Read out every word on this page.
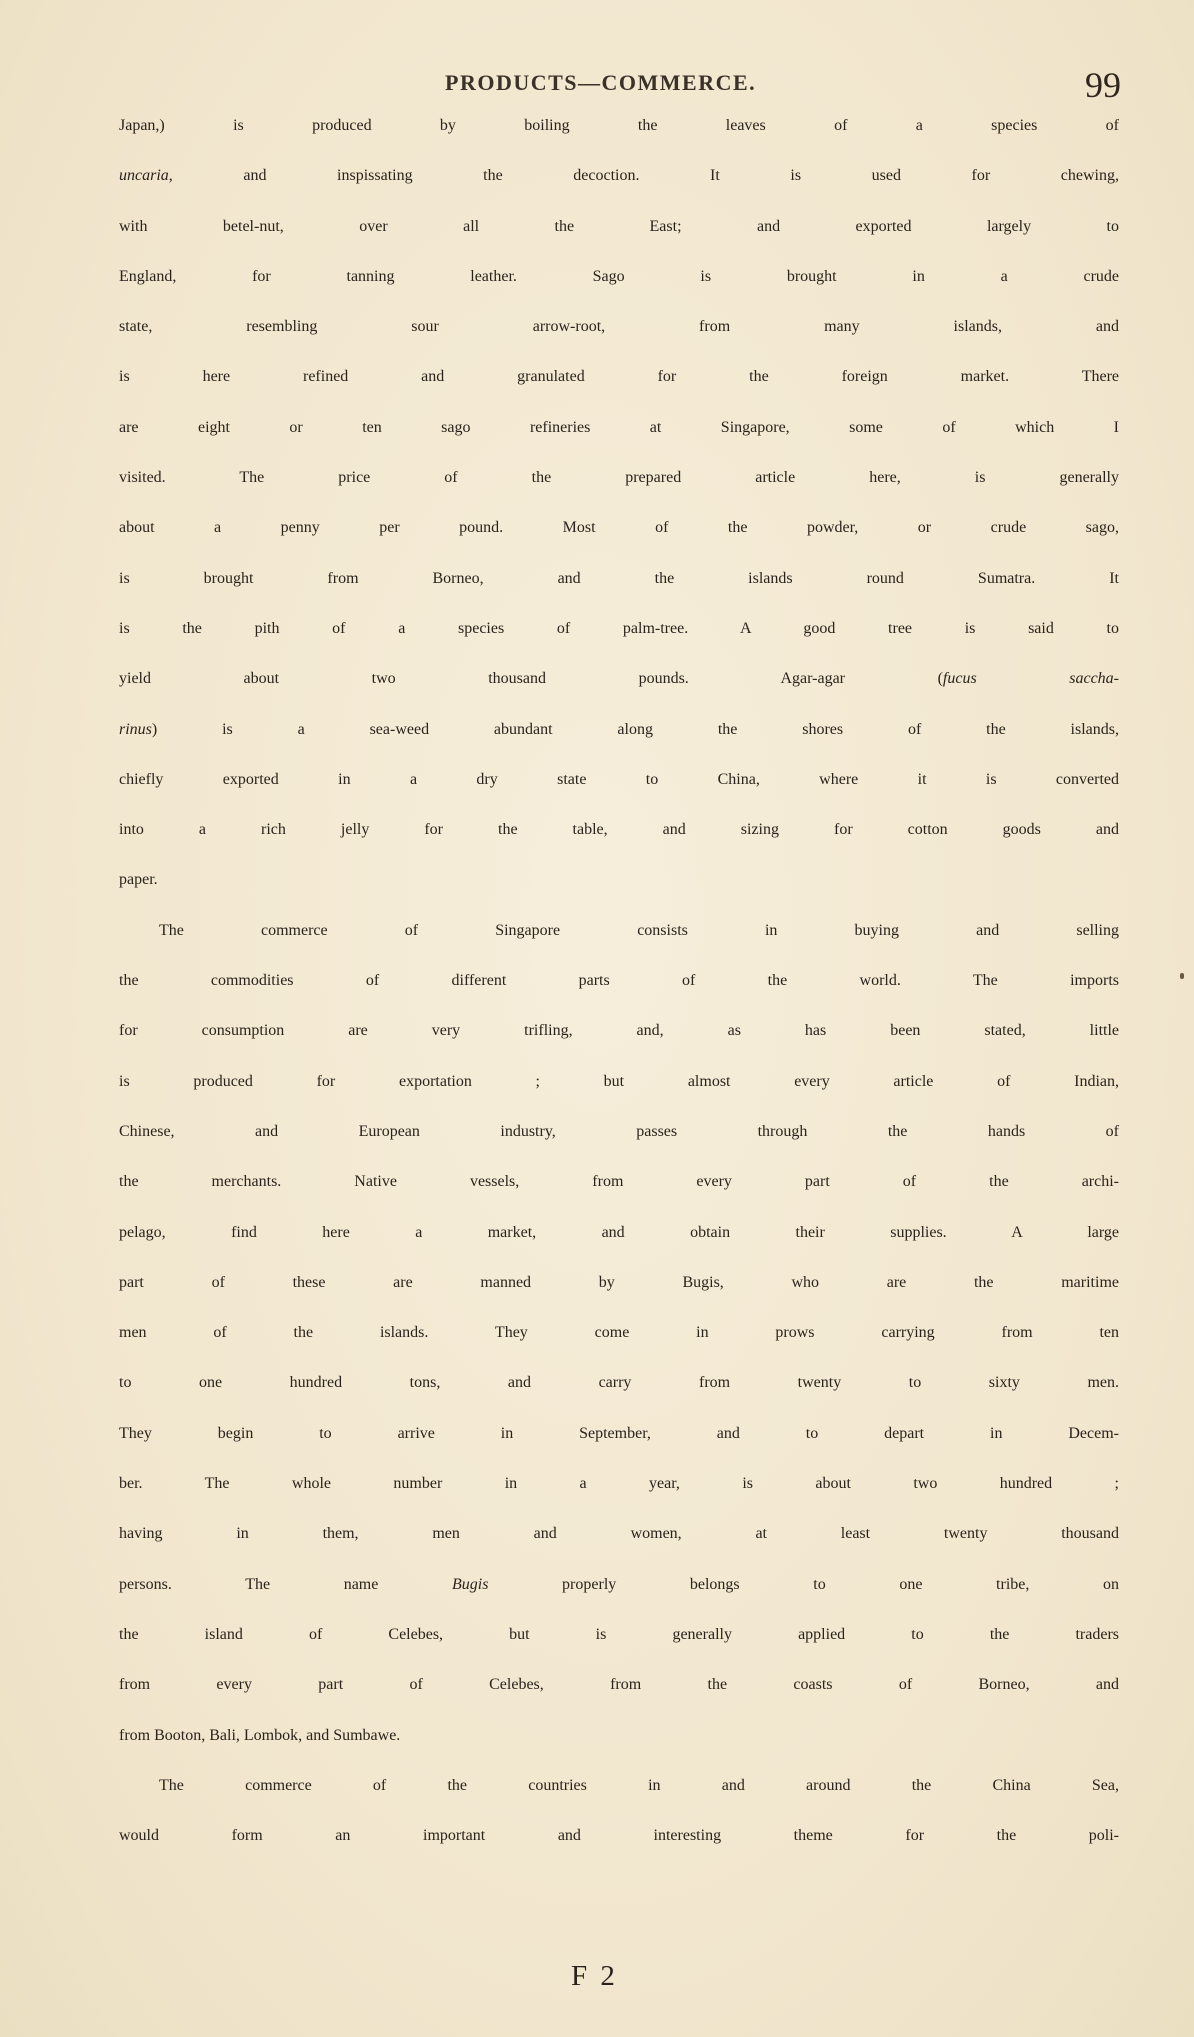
PRODUCTS—COMMERCE.	99
Japan,) is produced by boiling the leaves of a species of
uncaria, and inspissating the decoction. It is used for chewing,
with betel-nut, over all the East; and exported largely to
England, for tanning leather. Sago is brought in a crude
state, resembling sour arrow-root, from many islands, and
is here refined and granulated for the foreign market. There
are eight or ten sago refineries at Singapore, some of which I
visited. The price of the prepared article here, is generally
about a penny per pound. Most of the powder, or crude sago,
is brought from Borneo, and the islands round Sumatra. It
is the pith of a species of palm-tree. A good tree is said to
yield about two thousand pounds. Agar-agar (fucus saccha-
rinus) is a sea-weed abundant along the shores of the islands,
chiefly exported in a dry state to China, where it is converted
into a rich jelly for the table, and sizing for cotton goods and
paper.
The commerce of Singapore consists in buying and selling
the commodities of different parts of the world. The imports
for consumption are very trifling, and, as has been stated, little
is produced for exportation ; but almost every article of Indian,
Chinese, and European industry, passes through the hands of
the merchants. Native vessels, from every part of the archi-
pelago, find here a market, and obtain their supplies. A large
part of these are manned by Bugis, who are the maritime
men of the islands. They come in prows carrying from ten
to one hundred tons, and carry from twenty to sixty men.
They begin to arrive in September, and to depart in Decem-
ber. The whole number in a year, is about two hundred ;
having in them, men and women, at least twenty thousand
persons. The name Bugis properly belongs to one tribe, on
the island of Celebes, but is generally applied to the traders
from every part of Celebes, from the coasts of Borneo, and
from Booton, Bali, Lombok, and Sumbawe.
The commerce of the countries in and around the China Sea,
would form an important and interesting theme for the poli-
F 2
